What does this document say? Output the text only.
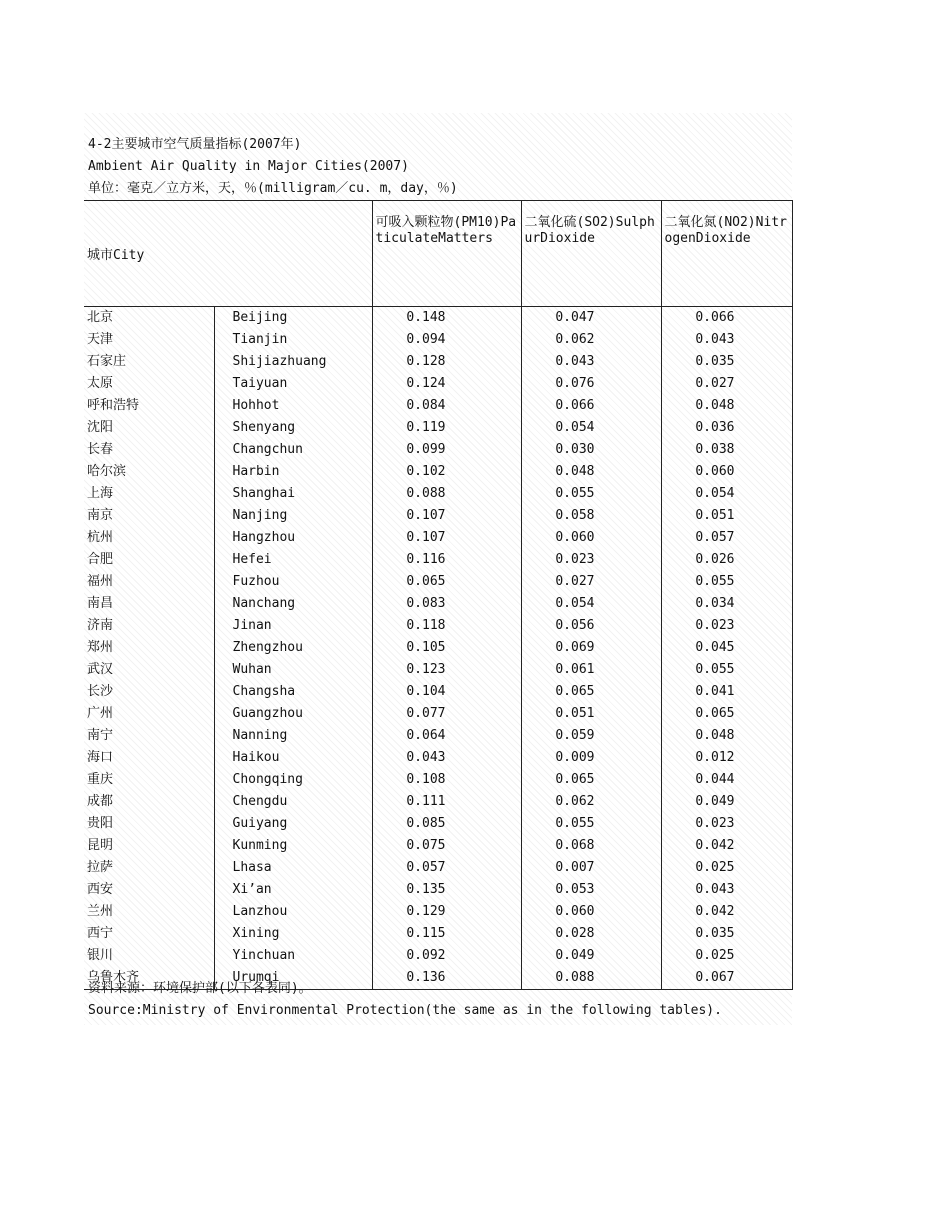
4-2主要城市空气质量指标(2007年)
Ambient Air Quality in Major Cities(2007)
单位：毫克／立方米，天，％(milligram／cu. m，day，％)
城市City		可吸入颗粒物(PM10)PaticulateMatters	二氧化硫(SO2)SulphurDioxide	二氧化氮(NO2)NitrogenDioxide
北京	Beijing	0.148	0.047	0.066
天津	Tianjin	0.094	0.062	0.043
石家庄	Shijiazhuang	0.128	0.043	0.035
太原	Taiyuan	0.124	0.076	0.027
呼和浩特	Hohhot	0.084	0.066	0.048
沈阳	Shenyang	0.119	0.054	0.036
长春	Changchun	0.099	0.030	0.038
哈尔滨	Harbin	0.102	0.048	0.060
上海	Shanghai	0.088	0.055	0.054
南京	Nanjing	0.107	0.058	0.051
杭州	Hangzhou	0.107	0.060	0.057
合肥	Hefei	0.116	0.023	0.026
福州	Fuzhou	0.065	0.027	0.055
南昌	Nanchang	0.083	0.054	0.034
济南	Jinan	0.118	0.056	0.023
郑州	Zhengzhou	0.105	0.069	0.045
武汉	Wuhan	0.123	0.061	0.055
长沙	Changsha	0.104	0.065	0.041
广州	Guangzhou	0.077	0.051	0.065
南宁	Nanning	0.064	0.059	0.048
海口	Haikou	0.043	0.009	0.012
重庆	Chongqing	0.108	0.065	0.044
成都	Chengdu	0.111	0.062	0.049
贵阳	Guiyang	0.085	0.055	0.023
昆明	Kunming	0.075	0.068	0.042
拉萨	Lhasa	0.057	0.007	0.025
西安	Xi’an	0.135	0.053	0.043
兰州	Lanzhou	0.129	0.060	0.042
西宁	Xining	0.115	0.028	0.035
银川	Yinchuan	0.092	0.049	0.025
乌鲁木齐	Urumqi	0.136	0.088	0.067
资料来源：环境保护部(以下各表同)。
Source:Ministry of Environmental Protection(the same as in the following tables).
